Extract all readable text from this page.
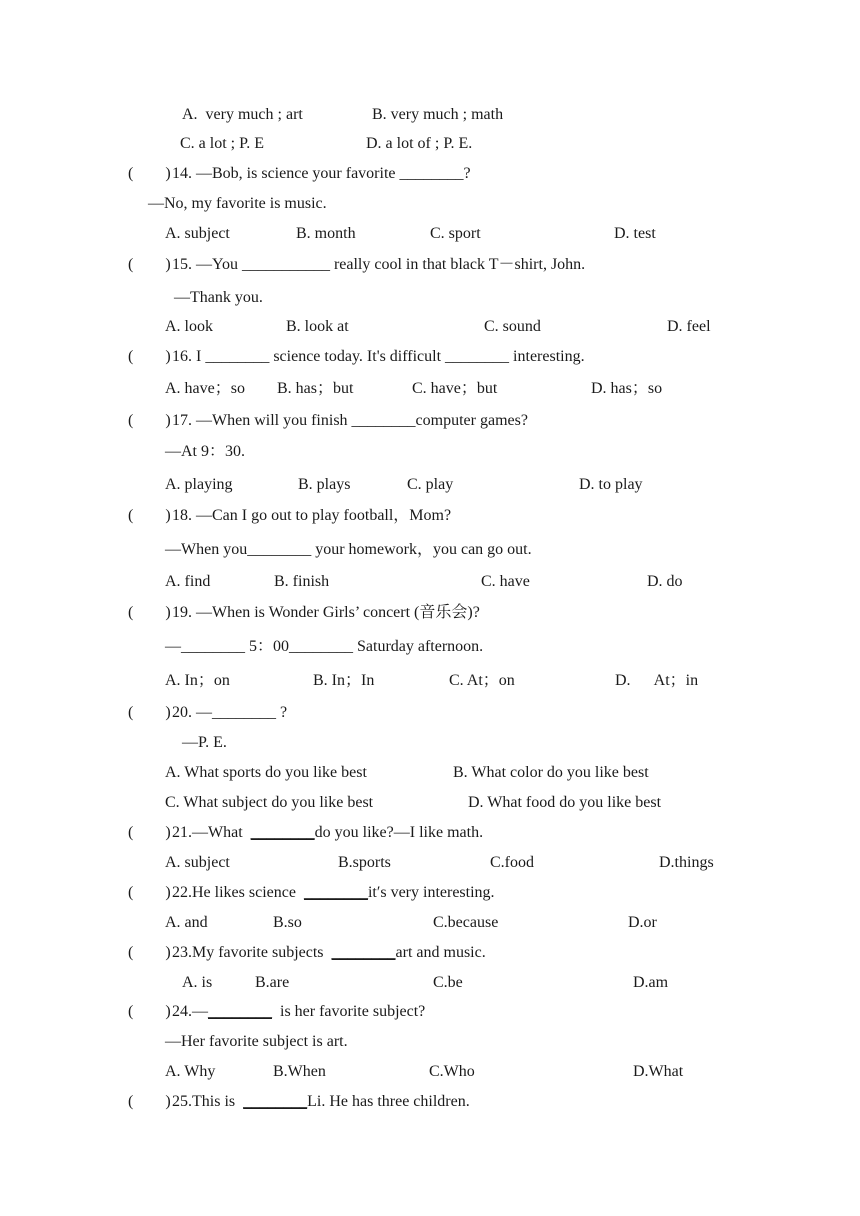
A.  very much ; art	B. very much ; math
C. a lot ; P. E	D. a lot of ; P. E.
(        ) 14. —Bob, is science your favorite ________?
—No, my favorite is music.
A. subject	B. month	C. sport	D. test
(        ) 15. —You ___________ really cool in that black T－shirt, John.
—Thank you.
A. look	B. look at	C. sound	D. feel
(        ) 16. I ________ science today. It's difficult ________ interesting.
A. have；so B. has；but	C. have；but	D. has；so
(        ) 17. —When will you finish ________computer games?
—At 9：30.
A. playing	B. plays	C. play	D. to play
(        ) 18. —Can I go out to play football，Mom?
—When you________ your homework，you can go out.
A. find	B. finish	C. have	D. do
(        ) 19. —When is Wonder Girls’ concert (音乐会)?
—________ 5：00________ Saturday afternoon.
A. In；on	B. In；In	C. At；on	D.      At；in
(        ) 20. —________ ?
—P. E.
A. What sports do you like best	B. What color do you like best
C. What subject do you like best	D. What food do you like best
(        ) 21.—What  ________do you like?—I like math.
A. subject	B.sports	C.food	D.things
(        ) 22.He likes science  ________it′s very interesting.
A. and	B.so	C.because	D.or
(        ) 23.My favorite subjects  ________art and music.
A. is	B.are	C.be	D.am
(        ) 24.—________  is her favorite subject?
—Her favorite subject is art.
A. Why	B.When	C.Who	D.What
(        ) 25.This is  ________Li. He has three children.
